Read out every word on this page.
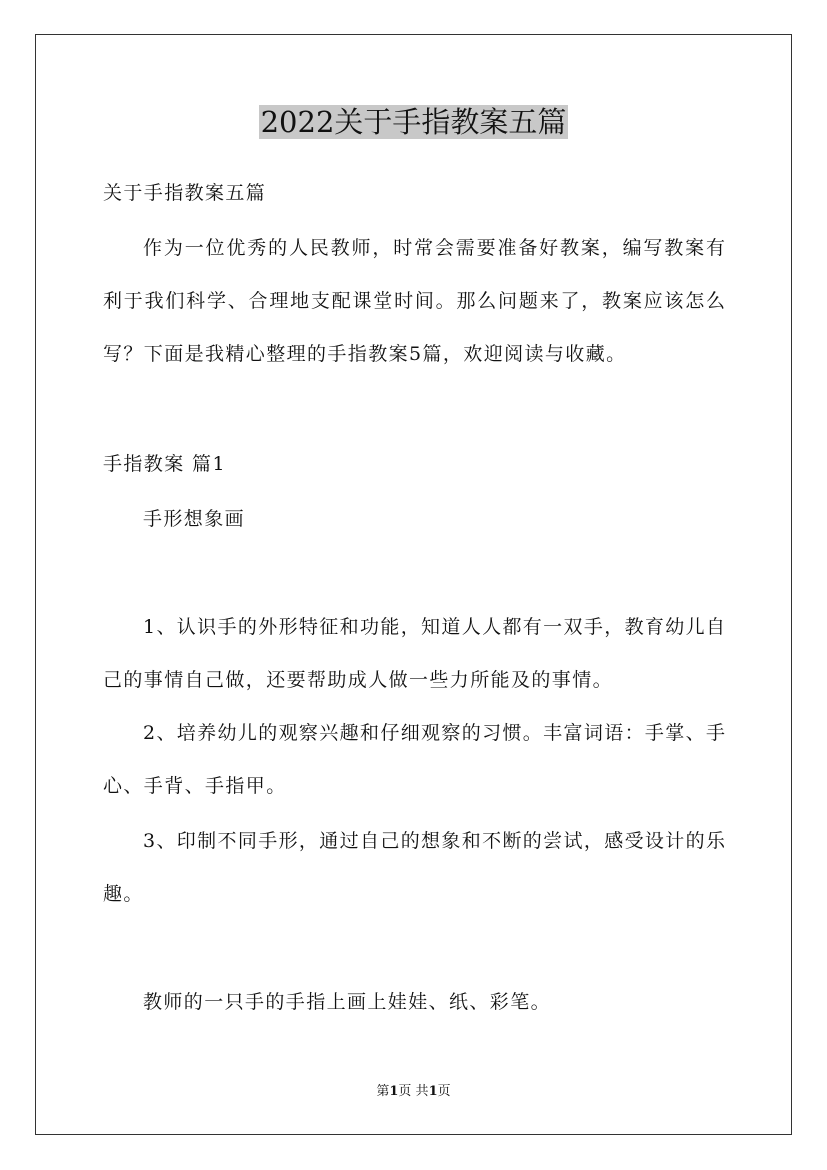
2022关于手指教案五篇
关于手指教案五篇
作为一位优秀的人民教师，时常会需要准备好教案，编写教案有
利于我们科学、合理地支配课堂时间。那么问题来了，教案应该怎么
写？下面是我精心整理的手指教案5篇，欢迎阅读与收藏。
手指教案 篇1
手形想象画
1、认识手的外形特征和功能，知道人人都有一双手，教育幼儿自
己的事情自己做，还要帮助成人做一些力所能及的事情。
2、培养幼儿的观察兴趣和仔细观察的习惯。丰富词语：手掌、手
心、手背、手指甲。
3、印制不同手形，通过自己的想象和不断的尝试，感受设计的乐
趣。
教师的一只手的手指上画上娃娃、纸、彩笔。
第1页 共1页
